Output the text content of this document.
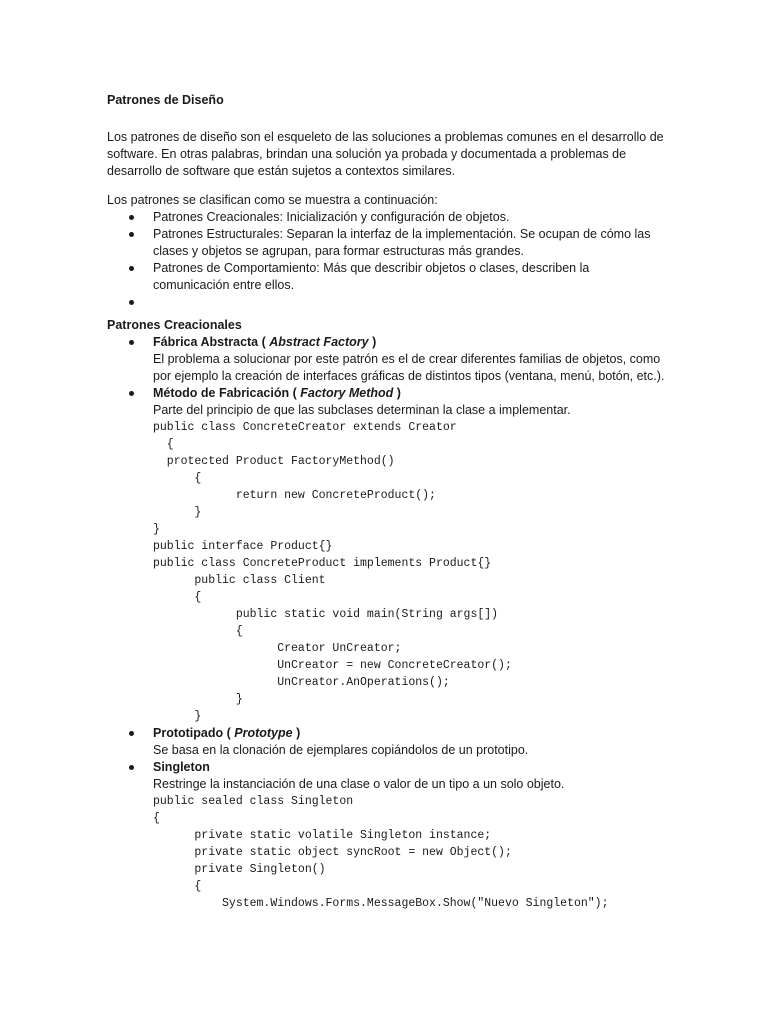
Patrones de Diseño
Los patrones de diseño son el esqueleto de las soluciones a problemas comunes en el desarrollo de software. En otras palabras, brindan una solución ya probada y documentada a problemas de desarrollo de software que están sujetos a contextos similares.
Los patrones se clasifican como se muestra a continuación:
Patrones Creacionales: Inicialización y configuración de objetos.
Patrones Estructurales: Separan la interfaz de la implementación. Se ocupan de cómo las clases y objetos se agrupan, para formar estructuras más grandes.
Patrones de Comportamiento: Más que describir objetos o clases, describen la comunicación entre ellos.

Patrones Creacionales
Fábrica Abstracta ( Abstract Factory )
El problema a solucionar por este patrón es el de crear diferentes familias de objetos, como por ejemplo la creación de interfaces gráficas de distintos tipos (ventana, menú, botón, etc.).
Método de Fabricación ( Factory Method )
Parte del principio de que las subclases determinan la clase a implementar.
public class ConcreteCreator extends Creator
{
protected Product FactoryMethod()
{
return new ConcreteProduct();
}
}
public interface Product{}
public class ConcreteProduct implements Product{}
public class Client
{
public static void main(String args[])
{
Creator UnCreator;
UnCreator = new ConcreteCreator();
UnCreator.AnOperations();
}
}
Prototipado ( Prototype )
Se basa en la clonación de ejemplares copiándolos de un prototipo.
Singleton
Restringe la instanciación de una clase o valor de un tipo a un solo objeto.
public sealed class Singleton
{
private static volatile Singleton instance;
private static object syncRoot = new Object();
private Singleton()
{
System.Windows.Forms.MessageBox.Show("Nuevo Singleton");
